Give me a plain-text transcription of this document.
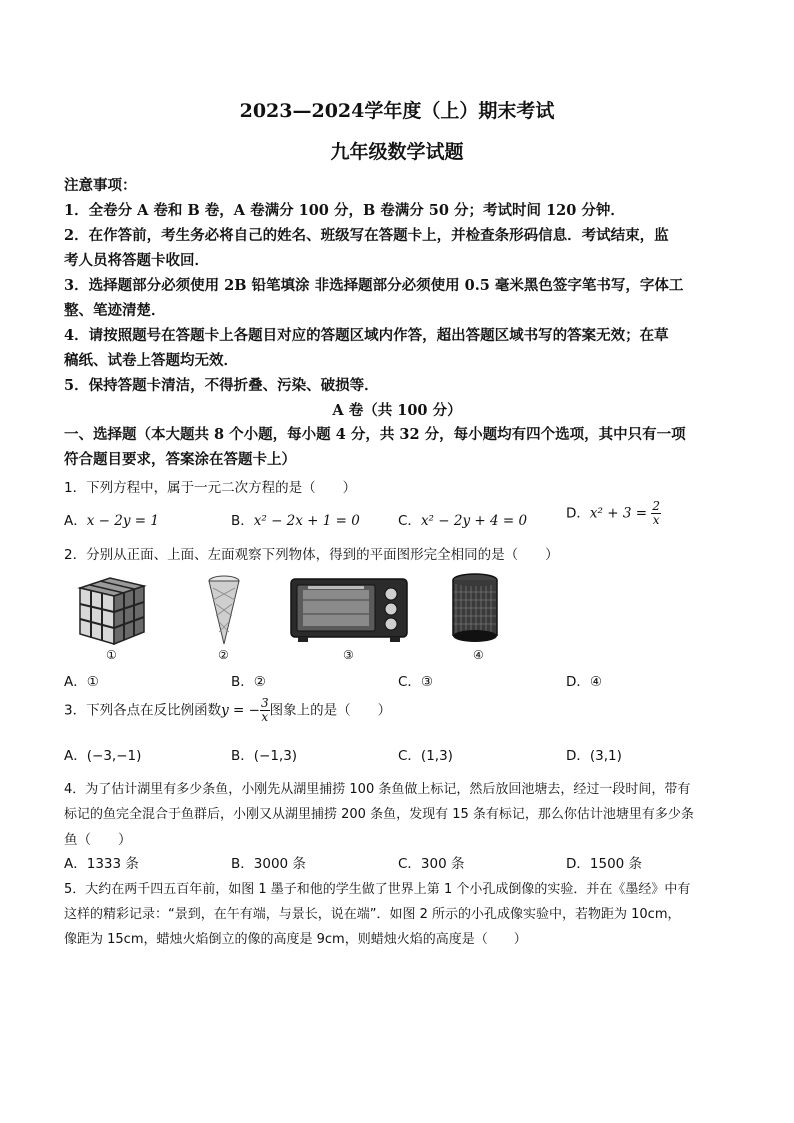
2023—2024学年度（上）期末考试
九年级数学试题
注意事项：
1．全卷分 A 卷和 B 卷，A 卷满分 100 分，B 卷满分 50 分；考试时间 120 分钟．
2．在作答前，考生务必将自己的姓名、班级写在答题卡上，并检查条形码信息．考试结束，监
考人员将答题卡收回．
3．选择题部分必须使用 2B 铅笔填涂 非选择题部分必须使用 0.5 毫米黑色签字笔书写，字体工
整、笔迹清楚．
4．请按照题号在答题卡上各题目对应的答题区域内作答，超出答题区域书写的答案无效；在草
稿纸、试卷上答题均无效．
5．保持答题卡清洁，不得折叠、污染、破损等．
A 卷（共 100 分）
一、选择题（本大题共 8 个小题，每小题 4 分，共 32 分，每小题均有四个选项，其中只有一项
符合题目要求，答案涂在答题卡上）
1．下列方程中，属于一元二次方程的是（　　）
A．x − 2y = 1	B．x² − 2x + 1 = 0	C．x² − 2y + 4 = 0	D．$x^2 + 3 = \frac{2}{x}$
2．分别从正面、上面、左面观察下列物体，得到的平面图形完全相同的是（　　）
①	②	③	④
A．①	B．②	C．③	D．④
3．下列各点在反比例函数y = − $\frac{3}{x}$ 图象上的是（　　）
A．(−3,−1)	B．(−1,3)	C．(1,3)	D．(3,1)
4．为了估计湖里有多少条鱼，小刚先从湖里捕捞 100 条鱼做上标记，然后放回池塘去，经过一段时间，带有
标记的鱼完全混合于鱼群后，小刚又从湖里捕捞 200 条鱼，发现有 15 条有标记，那么你估计池塘里有多少条
鱼（　　）
A．1333 条	B．3000 条	C．300 条	D．1500 条
5．大约在两千四五百年前，如图 1 墨子和他的学生做了世界上第 1 个小孔成倒像的实验．并在《墨经》中有
这样的精彩记录：“景到，在午有端，与景长，说在端”．如图 2 所示的小孔成像实验中，若物距为 10cm，
像距为 15cm，蜡烛火焰倒立的像的高度是 9cm，则蜡烛火焰的高度是（　　）
